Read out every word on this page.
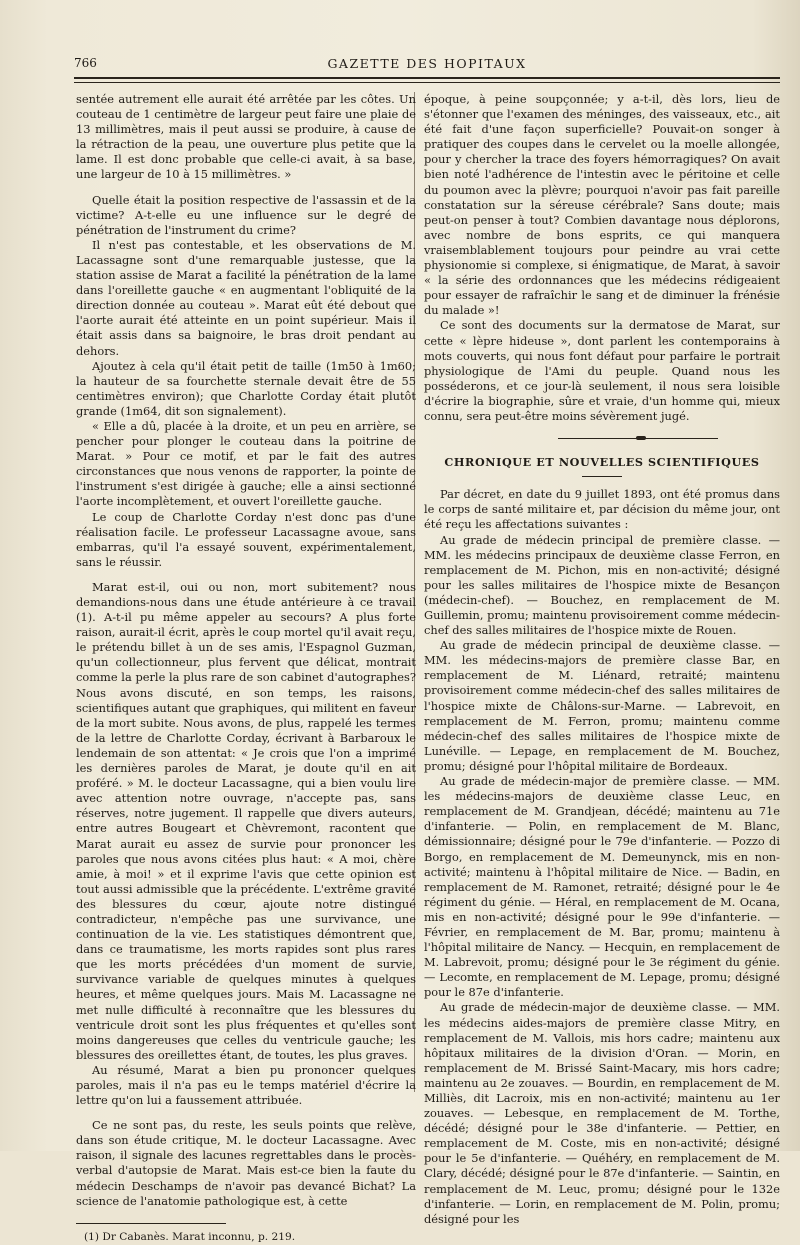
766	GAZETTE DES HOPITAUX

sentée autrement elle aurait été arrêtée par les côtes. Un couteau de 1 centimètre de largeur peut faire une plaie de 13 millimètres, mais il peut aussi se produire, à cause de la rétraction de la peau, une ouverture plus petite que la lame. Il est donc probable que celle-ci avait, à sa base, une largeur de 10 à 15 millimètres. »

Quelle était la position respective de l'assassin et de la victime? A-t-elle eu une influence sur le degré de pénétration de l'instrument du crime?

Il n'est pas contestable, et les observations de M. Lacassagne sont d'une remarquable justesse, que la station assise de Marat a facilité la pénétration de la lame dans l'oreillette gauche « en augmentant l'obliquité de la direction donnée au couteau ». Marat eût été debout que l'aorte aurait été atteinte en un point supérieur. Mais il était assis dans sa baignoire, le bras droit pendant au dehors.

Ajoutez à cela qu'il était petit de taille (1m50 à 1m60; la hauteur de sa fourchette sternale devait être de 55 centimètres environ); que Charlotte Corday était plutôt grande (1m64, dit son signalement).

« Elle a dû, placée à la droite, et un peu en arrière, se pencher pour plonger le couteau dans la poitrine de Marat. » Pour ce motif, et par le fait des autres circonstances que nous venons de rapporter, la pointe de l'instrument s'est dirigée à gauche; elle a ainsi sectionné l'aorte incomplètement, et ouvert l'oreillette gauche.

Le coup de Charlotte Corday n'est donc pas d'une réalisation facile. Le professeur Lacassagne avoue, sans embarras, qu'il l'a essayé souvent, expérimentalement, sans le réussir.

Marat est-il, oui ou non, mort subitement? nous demandions-nous dans une étude antérieure à ce travail (1). A-t-il pu même appeler au secours? A plus forte raison, aurait-il écrit, après le coup mortel qu'il avait reçu, le prétendu billet à un de ses amis, l'Espagnol Guzman, qu'un collectionneur, plus fervent que délicat, montrait comme la perle la plus rare de son cabinet d'autographes? Nous avons discuté, en son temps, les raisons, scientifiques autant que graphiques, qui militent en faveur de la mort subite. Nous avons, de plus, rappelé les termes de la lettre de Charlotte Corday, écrivant à Barbaroux le lendemain de son attentat: « Je crois que l'on a imprimé les dernières paroles de Marat, je doute qu'il en ait proféré. » M. le docteur Lacassagne, qui a bien voulu lire avec attention notre ouvrage, n'accepte pas, sans réserves, notre jugement. Il rappelle que divers auteurs, entre autres Bougeart et Chèvremont, racontent que Marat aurait eu assez de survie pour prononcer les paroles que nous avons citées plus haut: « A moi, chère amie, à moi! » et il exprime l'avis que cette opinion est tout aussi admissible que la précédente. L'extrême gravité des blessures du cœur, ajoute notre distingué contradicteur, n'empêche pas une survivance, une continuation de la vie. Les statistiques démontrent que, dans ce traumatisme, les morts rapides sont plus rares que les morts précédées d'un moment de survie, survivance variable de quelques minutes à quelques heures, et même quelques jours. Mais M. Lacassagne ne met nulle difficulté à reconnaître que les blessures du ventricule droit sont les plus fréquentes et qu'elles sont moins dangereuses que celles du ventricule gauche; les blessures des oreillettes étant, de toutes, les plus graves.

Au résumé, Marat a bien pu prononcer quelques paroles, mais il n'a pas eu le temps matériel d'écrire la lettre qu'on lui a faussement attribuée.

Ce ne sont pas, du reste, les seuls points que relève, dans son étude critique, M. le docteur Lacassagne. Avec raison, il signale des lacunes regrettables dans le procès-verbal d'autopsie de Marat. Mais est-ce bien la faute du médecin Deschamps de n'avoir pas devancé Bichat? La science de l'anatomie pathologique est, à cette

(1) Dr Cabanès. Marat inconnu, p. 219.

époque, à peine soupçonnée; y a-t-il, dès lors, lieu de s'étonner que l'examen des méninges, des vaisseaux, etc., ait été fait d'une façon superficielle? Pouvait-on songer à pratiquer des coupes dans le cervelet ou la moelle allongée, pour y chercher la trace des foyers hémorragiques? On avait bien noté l'adhérence de l'intestin avec le péritoine et celle du poumon avec la plèvre; pourquoi n'avoir pas fait pareille constatation sur la séreuse cérébrale? Sans doute; mais peut-on penser à tout? Combien davantage nous déplorons, avec nombre de bons esprits, ce qui manquera vraisemblablement toujours pour peindre au vrai cette physionomie si complexe, si énigmatique, de Marat, à savoir « la série des ordonnances que les médecins rédigeaient pour essayer de rafraîchir le sang et de diminuer la frénésie du malade »!

Ce sont des documents sur la dermatose de Marat, sur cette « lèpre hideuse », dont parlent les contemporains à mots couverts, qui nous font défaut pour parfaire le portrait physiologique de l'Ami du peuple. Quand nous les posséderons, et ce jour-là seulement, il nous sera loisible d'écrire la biographie, sûre et vraie, d'un homme qui, mieux connu, sera peut-être moins sévèrement jugé.

CHRONIQUE ET NOUVELLES SCIENTIFIQUES

Par décret, en date du 9 juillet 1893, ont été promus dans le corps de santé militaire et, par décision du même jour, ont été reçu les affectations suivantes :

Au grade de médecin principal de première classe. — MM. les médecins principaux de deuxième classe Ferron, en remplacement de M. Pichon, mis en non-activité; désigné pour les salles militaires de l'hospice mixte de Besançon (médecin-chef). — Bouchez, en remplacement de M. Guillemin, promu; maintenu provisoirement comme médecin-chef des salles militaires de l'hospice mixte de Rouen.

Au grade de médecin principal de deuxième classe. — MM. les médecins-majors de première classe Bar, en remplacement de M. Liénard, retraité; maintenu provisoirement comme médecin-chef des salles militaires de l'hospice mixte de Châlons-sur-Marne. — Labrevoit, en remplacement de M. Ferron, promu; maintenu comme médecin-chef des salles militaires de l'hospice mixte de Lunéville. — Lepage, en remplacement de M. Bouchez, promu; désigné pour l'hôpital militaire de Bordeaux.

Au grade de médecin-major de première classe. — MM. les médecins-majors de deuxième classe Leuc, en remplacement de M. Grandjean, décédé; maintenu au 71e d'infanterie. — Polin, en remplacement de M. Blanc, démissionnaire; désigné pour le 79e d'infanterie. — Pozzo di Borgo, en remplacement de M. Demeunynck, mis en non-activité; maintenu à l'hôpital militaire de Nice. — Badin, en remplacement de M. Ramonet, retraité; désigné pour le 4e régiment du génie. — Héral, en remplacement de M. Ocana, mis en non-activité; désigné pour le 99e d'infanterie. — Février, en remplacement de M. Bar, promu; maintenu à l'hôpital militaire de Nancy. — Hecquin, en remplacement de M. Labrevoit, promu; désigné pour le 3e régiment du génie. — Lecomte, en remplacement de M. Lepage, promu; désigné pour le 87e d'infanterie.

Au grade de médecin-major de deuxième classe. — MM. les médecins aides-majors de première classe Mitry, en remplacement de M. Vallois, mis hors cadre; maintenu aux hôpitaux militaires de la division d'Oran. — Morin, en remplacement de M. Brissé Saint-Macary, mis hors cadre; maintenu au 2e zouaves. — Bourdin, en remplacement de M. Milliès, dit Lacroix, mis en non-activité; maintenu au 1er zouaves. — Lebesque, en remplacement de M. Torthe, décédé; désigné pour le 38e d'infanterie. — Pettier, en remplacement de M. Coste, mis en non-activité; désigné pour le 5e d'infanterie. — Quéhéry, en remplacement de M. Clary, décédé; désigné pour le 87e d'infanterie. — Saintin, en remplacement de M. Leuc, promu; désigné pour le 132e d'infanterie. — Lorin, en remplacement de M. Polin, promu; désigné pour les
